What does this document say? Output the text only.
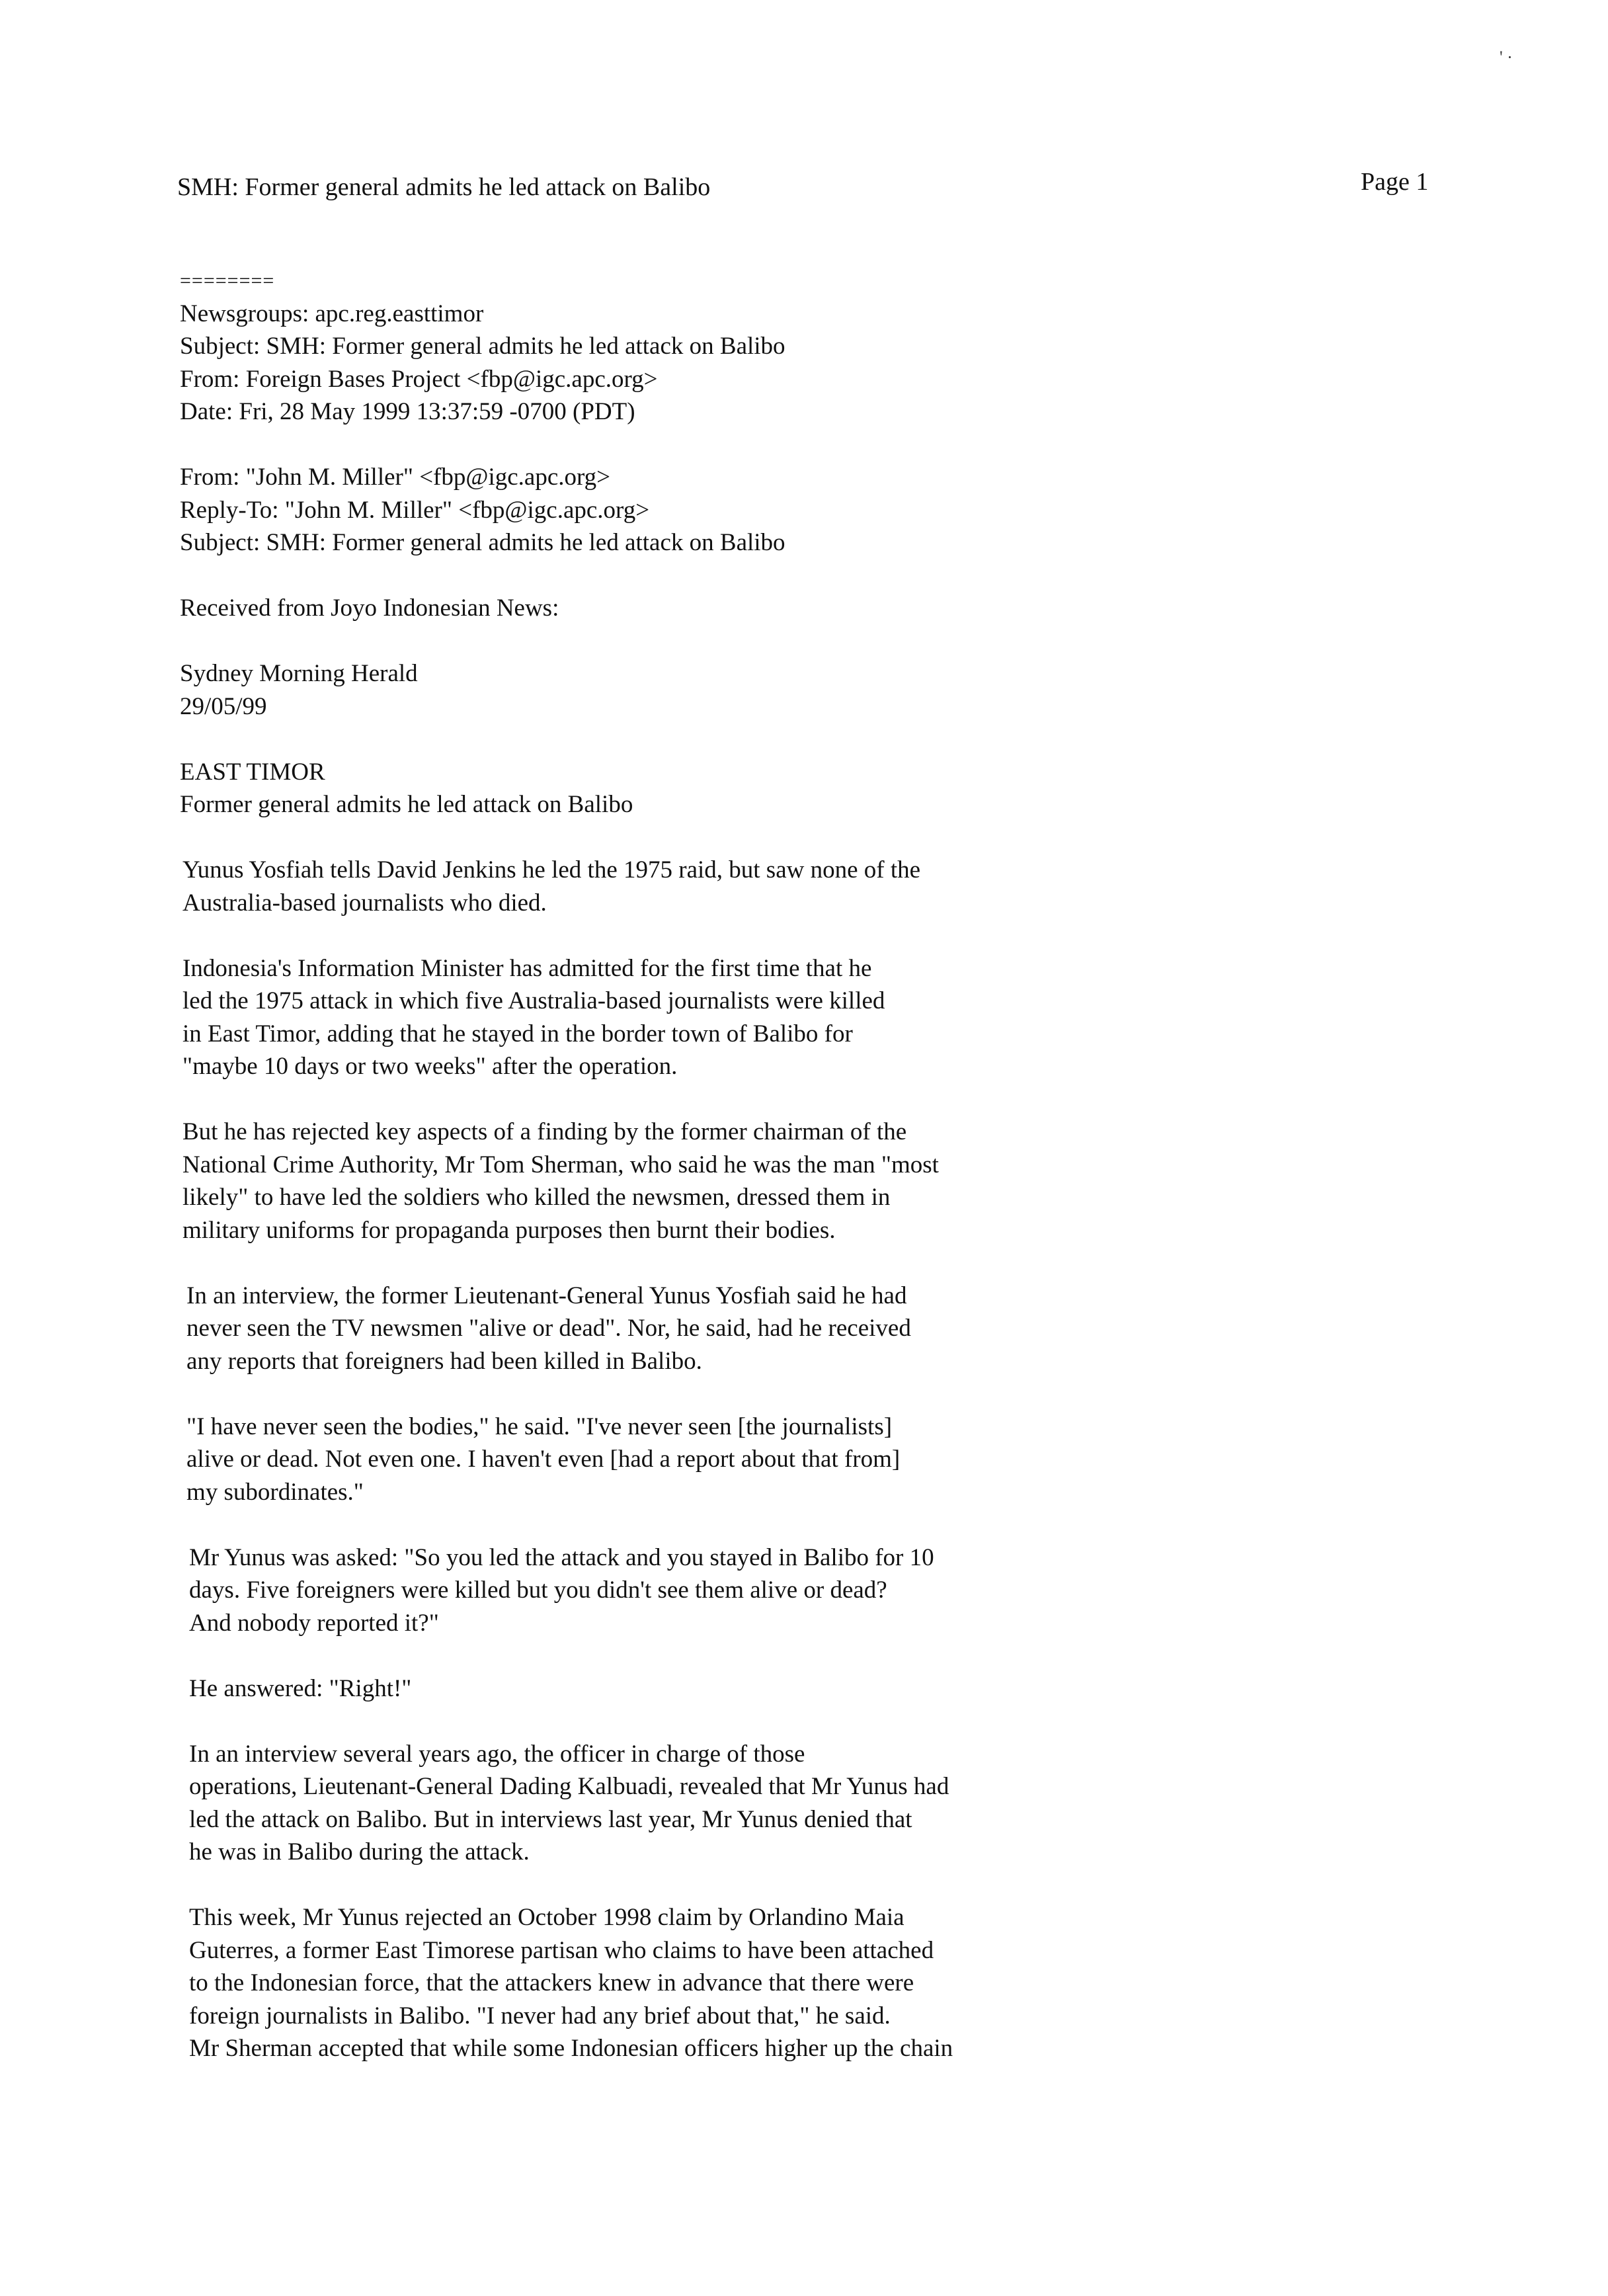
' ·
SMH: Former general admits he led attack on Balibo	Page 1
========
Newsgroups: apc.reg.easttimor
Subject: SMH: Former general admits he led attack on Balibo
From: Foreign Bases Project <fbp@igc.apc.org>
Date: Fri, 28 May 1999 13:37:59 -0700 (PDT)
From: "John M. Miller" <fbp@igc.apc.org>
Reply-To: "John M. Miller" <fbp@igc.apc.org>
Subject: SMH: Former general admits he led attack on Balibo
Received from Joyo Indonesian News:
Sydney Morning Herald
29/05/99
EAST TIMOR
Former general admits he led attack on Balibo
Yunus Yosfiah tells David Jenkins he led the 1975 raid, but saw none of the
Australia-based journalists who died.
Indonesia's Information Minister has admitted for the first time that he
led the 1975 attack in which five Australia-based journalists were killed
in East Timor, adding that he stayed in the border town of Balibo for
"maybe 10 days or two weeks" after the operation.
But he has rejected key aspects of a finding by the former chairman of the
National Crime Authority, Mr Tom Sherman, who said he was the man "most
likely" to have led the soldiers who killed the newsmen, dressed them in
military uniforms for propaganda purposes then burnt their bodies.
In an interview, the former Lieutenant-General Yunus Yosfiah said he had
never seen the TV newsmen "alive or dead". Nor, he said, had he received
any reports that foreigners had been killed in Balibo.
"I have never seen the bodies," he said. "I've never seen [the journalists]
alive or dead. Not even one. I haven't even [had a report about that from]
my subordinates."
Mr Yunus was asked: "So you led the attack and you stayed in Balibo for 10
days. Five foreigners were killed but you didn't see them alive or dead?
And nobody reported it?"
He answered: "Right!"
In an interview several years ago, the officer in charge of those
operations, Lieutenant-General Dading Kalbuadi, revealed that Mr Yunus had
led the attack on Balibo. But in interviews last year, Mr Yunus denied that
he was in Balibo during the attack.
This week, Mr Yunus rejected an October 1998 claim by Orlandino Maia
Guterres, a former East Timorese partisan who claims to have been attached
to the Indonesian force, that the attackers knew in advance that there were
foreign journalists in Balibo. "I never had any brief about that," he said.
Mr Sherman accepted that while some Indonesian officers higher up the chain
